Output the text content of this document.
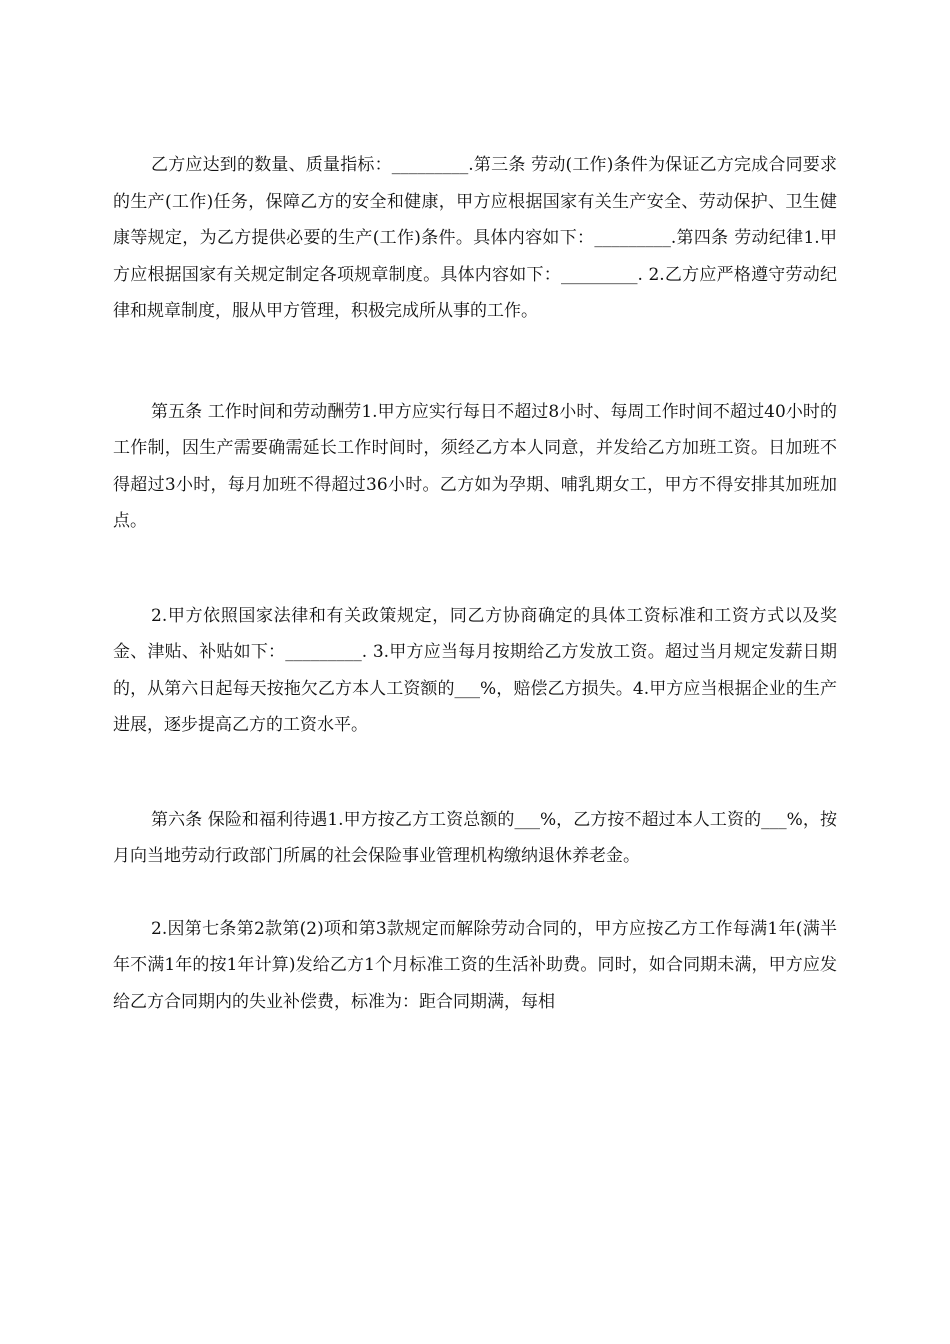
乙方应达到的数量、质量指标：_________.第三条 劳动(工作)条件为保证乙方完成合同要求的生产(工作)任务，保障乙方的安全和健康，甲方应根据国家有关生产安全、劳动保护、卫生健康等规定，为乙方提供必要的生产(工作)条件。具体内容如下：_________.第四条 劳动纪律1.甲方应根据国家有关规定制定各项规章制度。具体内容如下：_________. 2.乙方应严格遵守劳动纪律和规章制度，服从甲方管理，积极完成所从事的工作。

第五条 工作时间和劳动酬劳1.甲方应实行每日不超过8小时、每周工作时间不超过40小时的工作制，因生产需要确需延长工作时间时，须经乙方本人同意，并发给乙方加班工资。日加班不得超过3小时，每月加班不得超过36小时。乙方如为孕期、哺乳期女工，甲方不得安排其加班加点。

2.甲方依照国家法律和有关政策规定，同乙方协商确定的具体工资标准和工资方式以及奖金、津贴、补贴如下：_________. 3.甲方应当每月按期给乙方发放工资。超过当月规定发薪日期的，从第六日起每天按拖欠乙方本人工资额的___%，赔偿乙方损失。4.甲方应当根据企业的生产进展，逐步提高乙方的工资水平。

第六条 保险和福利待遇1.甲方按乙方工资总额的___%，乙方按不超过本人工资的___%，按月向当地劳动行政部门所属的社会保险事业管理机构缴纳退休养老金。

2.因第七条第2款第(2)项和第3款规定而解除劳动合同的，甲方应按乙方工作每满1年(满半年不满1年的按1年计算)发给乙方1个月标准工资的生活补助费。同时，如合同期未满，甲方应发给乙方合同期内的失业补偿费，标准为：距合同期满，每相
